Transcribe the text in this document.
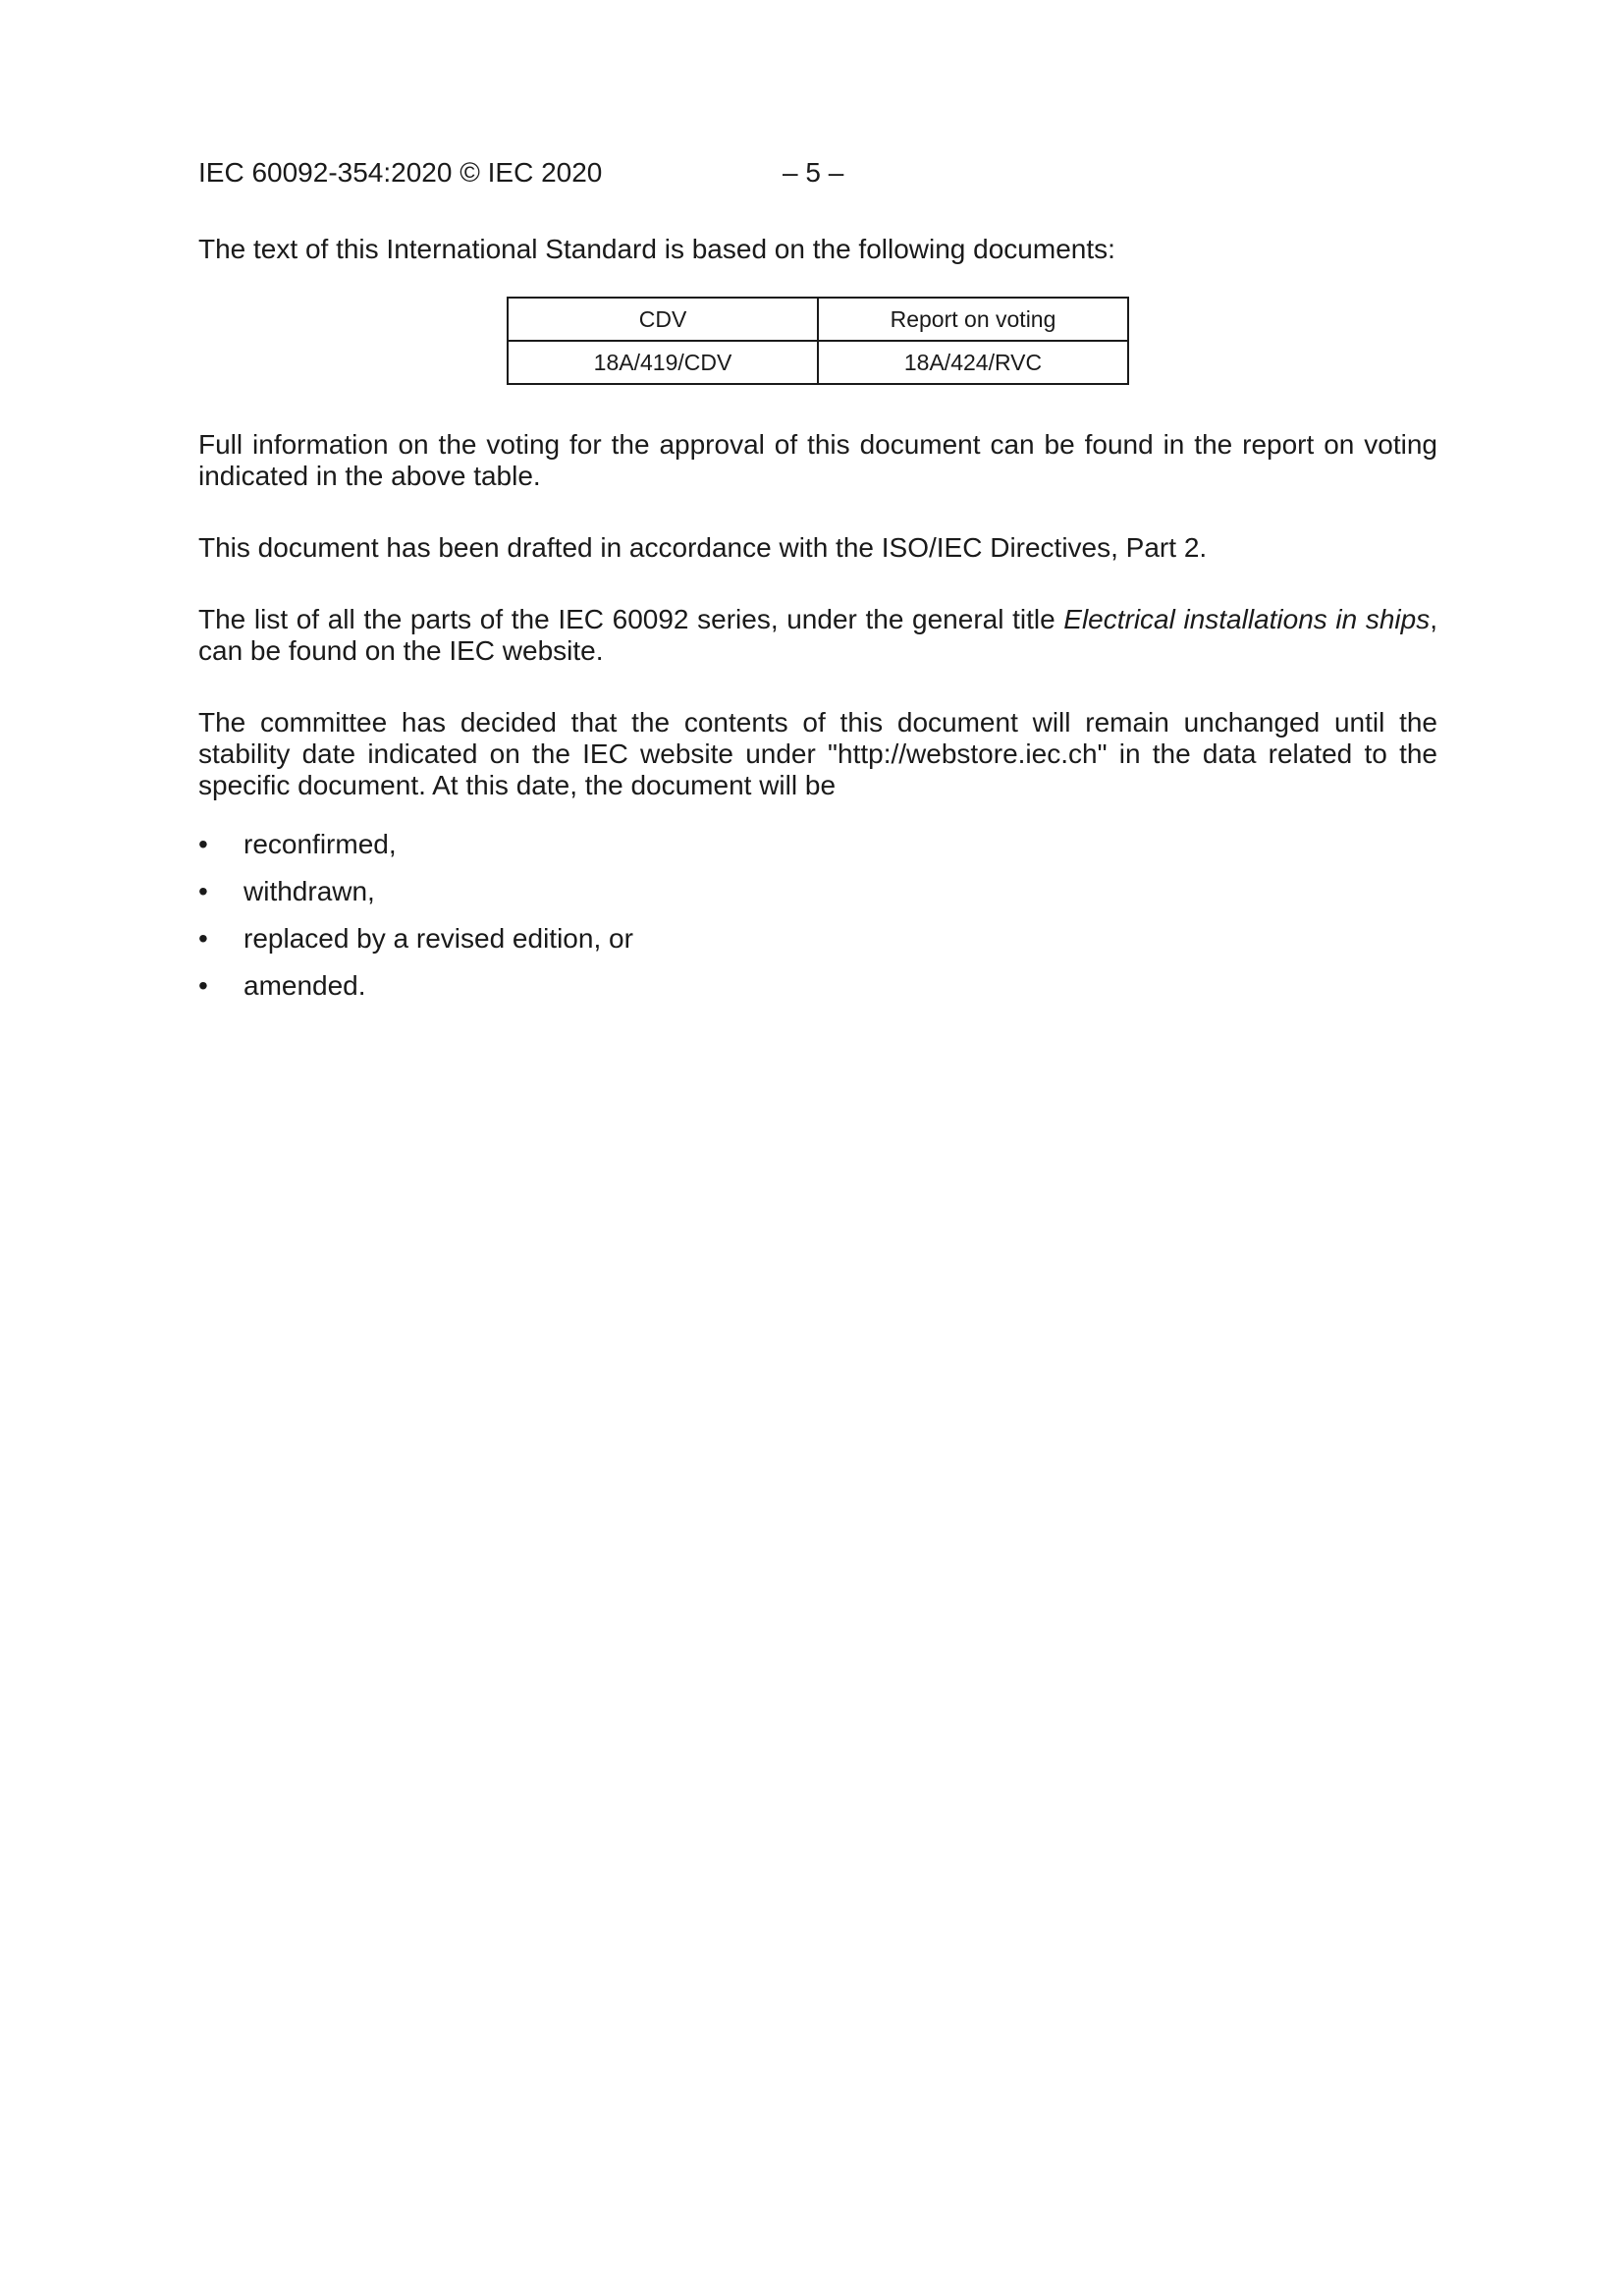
IEC 60092-354:2020 © IEC 2020	– 5 –

The text of this International Standard is based on the following documents:

CDV	Report on voting
18A/419/CDV	18A/424/RVC

Full information on the voting for the approval of this document can be found in the report on voting indicated in the above table.

This document has been drafted in accordance with the ISO/IEC Directives, Part 2.

The list of all the parts of the IEC 60092 series, under the general title Electrical installations in ships, can be found on the IEC website.

The committee has decided that the contents of this document will remain unchanged until the stability date indicated on the IEC website under "http://webstore.iec.ch" in the data related to the specific document. At this date, the document will be

• reconfirmed,
• withdrawn,
• replaced by a revised edition, or
• amended.
